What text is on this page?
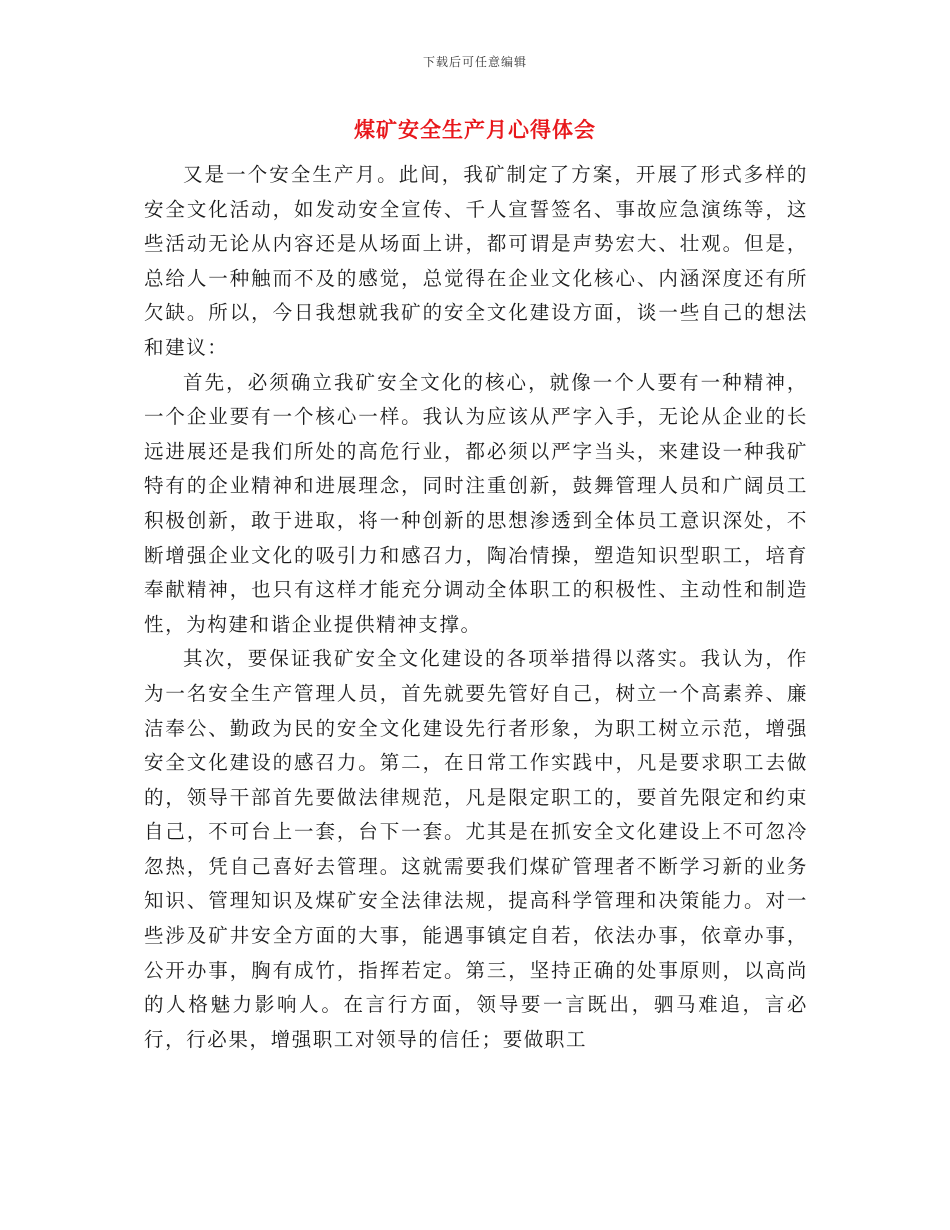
下载后可任意编辑
煤矿安全生产月心得体会

又是一个安全生产月。此间，我矿制定了方案，开展了形式多样的安全文化活动，如发动安全宣传、千人宣誓签名、事故应急演练等，这些活动无论从内容还是从场面上讲，都可谓是声势宏大、壮观。但是，总给人一种触而不及的感觉，总觉得在企业文化核心、内涵深度还有所欠缺。所以，今日我想就我矿的安全文化建设方面，谈一些自己的想法和建议：

首先，必须确立我矿安全文化的核心，就像一个人要有一种精神，一个企业要有一个核心一样。我认为应该从严字入手，无论从企业的长远进展还是我们所处的高危行业，都必须以严字当头，来建设一种我矿特有的企业精神和进展理念，同时注重创新，鼓舞管理人员和广阔员工积极创新，敢于进取，将一种创新的思想渗透到全体员工意识深处，不断增强企业文化的吸引力和感召力，陶冶情操，塑造知识型职工，培育奉献精神，也只有这样才能充分调动全体职工的积极性、主动性和制造性，为构建和谐企业提供精神支撑。

其次，要保证我矿安全文化建设的各项举措得以落实。我认为，作为一名安全生产管理人员，首先就要先管好自己，树立一个高素养、廉洁奉公、勤政为民的安全文化建设先行者形象，为职工树立示范，增强安全文化建设的感召力。第二，在日常工作实践中，凡是要求职工去做的，领导干部首先要做法律规范，凡是限定职工的，要首先限定和约束自己，不可台上一套，台下一套。尤其是在抓安全文化建设上不可忽冷忽热，凭自己喜好去管理。这就需要我们煤矿管理者不断学习新的业务知识、管理知识及煤矿安全法律法规，提高科学管理和决策能力。对一些涉及矿井安全方面的大事，能遇事镇定自若，依法办事，依章办事，公开办事，胸有成竹，指挥若定。第三，坚持正确的处事原则，以高尚的人格魅力影响人。在言行方面，领导要一言既出，驷马难追，言必行，行必果，增强职工对领导的信任；要做职工
